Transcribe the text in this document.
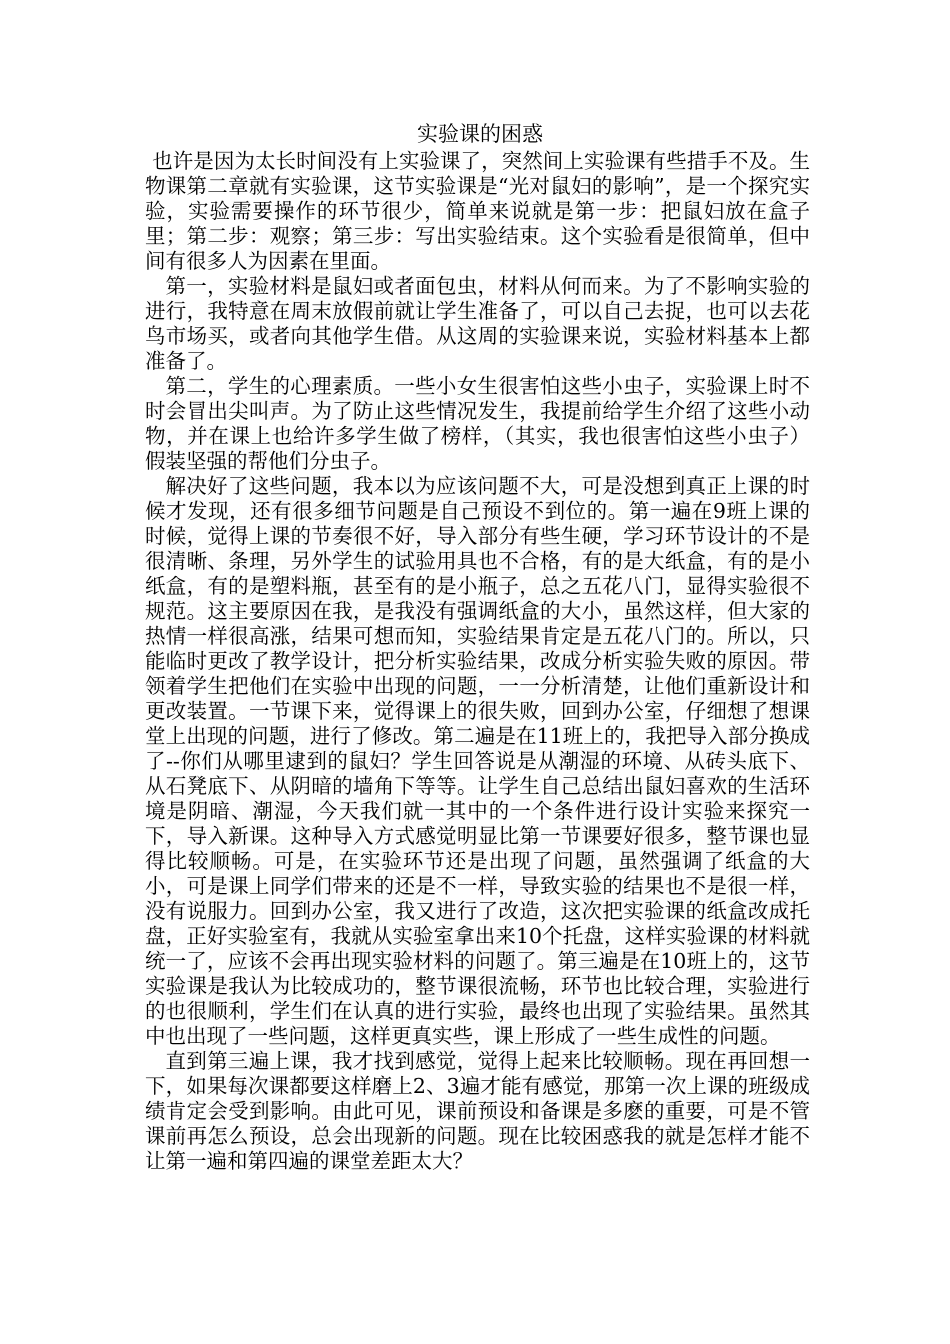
实验课的困惑

也许是因为太长时间没有上实验课了，突然间上实验课有些措手不及。生物课第二章就有实验课，这节实验课是“光对鼠妇的影响”，是一个探究实验，实验需要操作的环节很少，简单来说就是第一步：把鼠妇放在盒子里；第二步：观察；第三步：写出实验结束。这个实验看是很简单，但中间有很多人为因素在里面。

第一，实验材料是鼠妇或者面包虫，材料从何而来。为了不影响实验的进行，我特意在周末放假前就让学生准备了，可以自己去捉，也可以去花鸟市场买，或者向其他学生借。从这周的实验课来说，实验材料基本上都准备了。

第二，学生的心理素质。一些小女生很害怕这些小虫子，实验课上时不时会冒出尖叫声。为了防止这些情况发生，我提前给学生介绍了这些小动物，并在课上也给许多学生做了榜样，（其实，我也很害怕这些小虫子） 假装坚强的帮他们分虫子。

解决好了这些问题，我本以为应该问题不大，可是没想到真正上课的时候才发现，还有很多细节问题是自己预设不到位的。第一遍在9班上课的时候，觉得上课的节奏很不好，导入部分有些生硬，学习环节设计的不是很清晰、条理，另外学生的试验用具也不合格，有的是大纸盒，有的是小纸盒，有的是塑料瓶，甚至有的是小瓶子，总之五花八门，显得实验很不规范。这主要原因在我，是我没有强调纸盒的大小，虽然这样，但大家的热情一样很高涨，结果可想而知，实验结果肯定是五花八门的。所以，只能临时更改了教学设计，把分析实验结果，改成分析实验失败的原因。带领着学生把他们在实验中出现的问题，一一分析清楚，让他们重新设计和更改装置。一节课下来，觉得课上的很失败，回到办公室，仔细想了想课堂上出现的问题，进行了修改。第二遍是在11班上的，我把导入部分换成了--你们从哪里逮到的鼠妇？学生回答说是从潮湿的环境、从砖头底下、从石凳底下、从阴暗的墙角下等等。让学生自己总结出鼠妇喜欢的生活环境是阴暗、潮湿，今天我们就一其中的一个条件进行设计实验来探究一下，导入新课。这种导入方式感觉明显比第一节课要好很多，整节课也显得比较顺畅。可是，在实验环节还是出现了问题，虽然强调了纸盒的大小，可是课上同学们带来的还是不一样，导致实验的结果也不是很一样，没有说服力。回到办公室，我又进行了改造，这次把实验课的纸盒改成托盘，正好实验室有，我就从实验室拿出来10个托盘，这样实验课的材料就统一了，应该不会再出现实验材料的问题了。第三遍是在10班上的，这节实验课是我认为比较成功的，整节课很流畅，环节也比较合理，实验进行的也很顺利，学生们在认真的进行实验，最终也出现了实验结果。虽然其中也出现了一些问题，这样更真实些，课上形成了一些生成性的问题。

直到第三遍上课，我才找到感觉，觉得上起来比较顺畅。现在再回想一下，如果每次课都要这样磨上2、3遍才能有感觉，那第一次上课的班级成绩肯定会受到影响。由此可见，课前预设和备课是多麽的重要，可是不管课前再怎么预设，总会出现新的问题。现在比较困惑我的就是怎样才能不让第一遍和第四遍的课堂差距太大？
